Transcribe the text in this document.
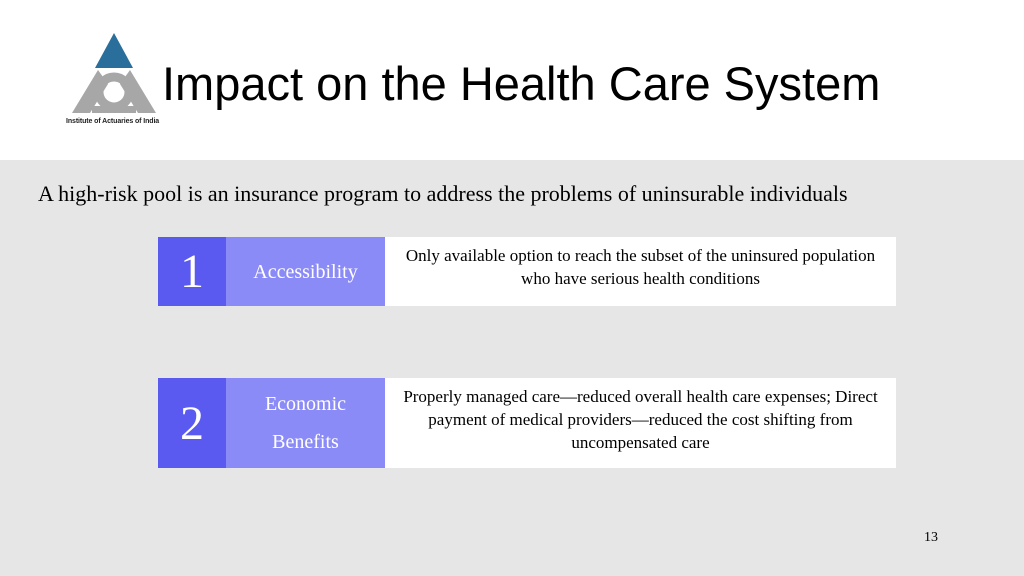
Institute of Actuaries of India
Impact on the Health Care System
A high-risk pool is an insurance program to address the problems of uninsurable individuals
1	Accessibility
Only available option to reach the subset of the uninsured population who have serious health conditions
2	Economic Benefits
Properly managed care—reduced overall health care expenses; Direct payment of medical providers—reduced the cost shifting from uncompensated care
13
